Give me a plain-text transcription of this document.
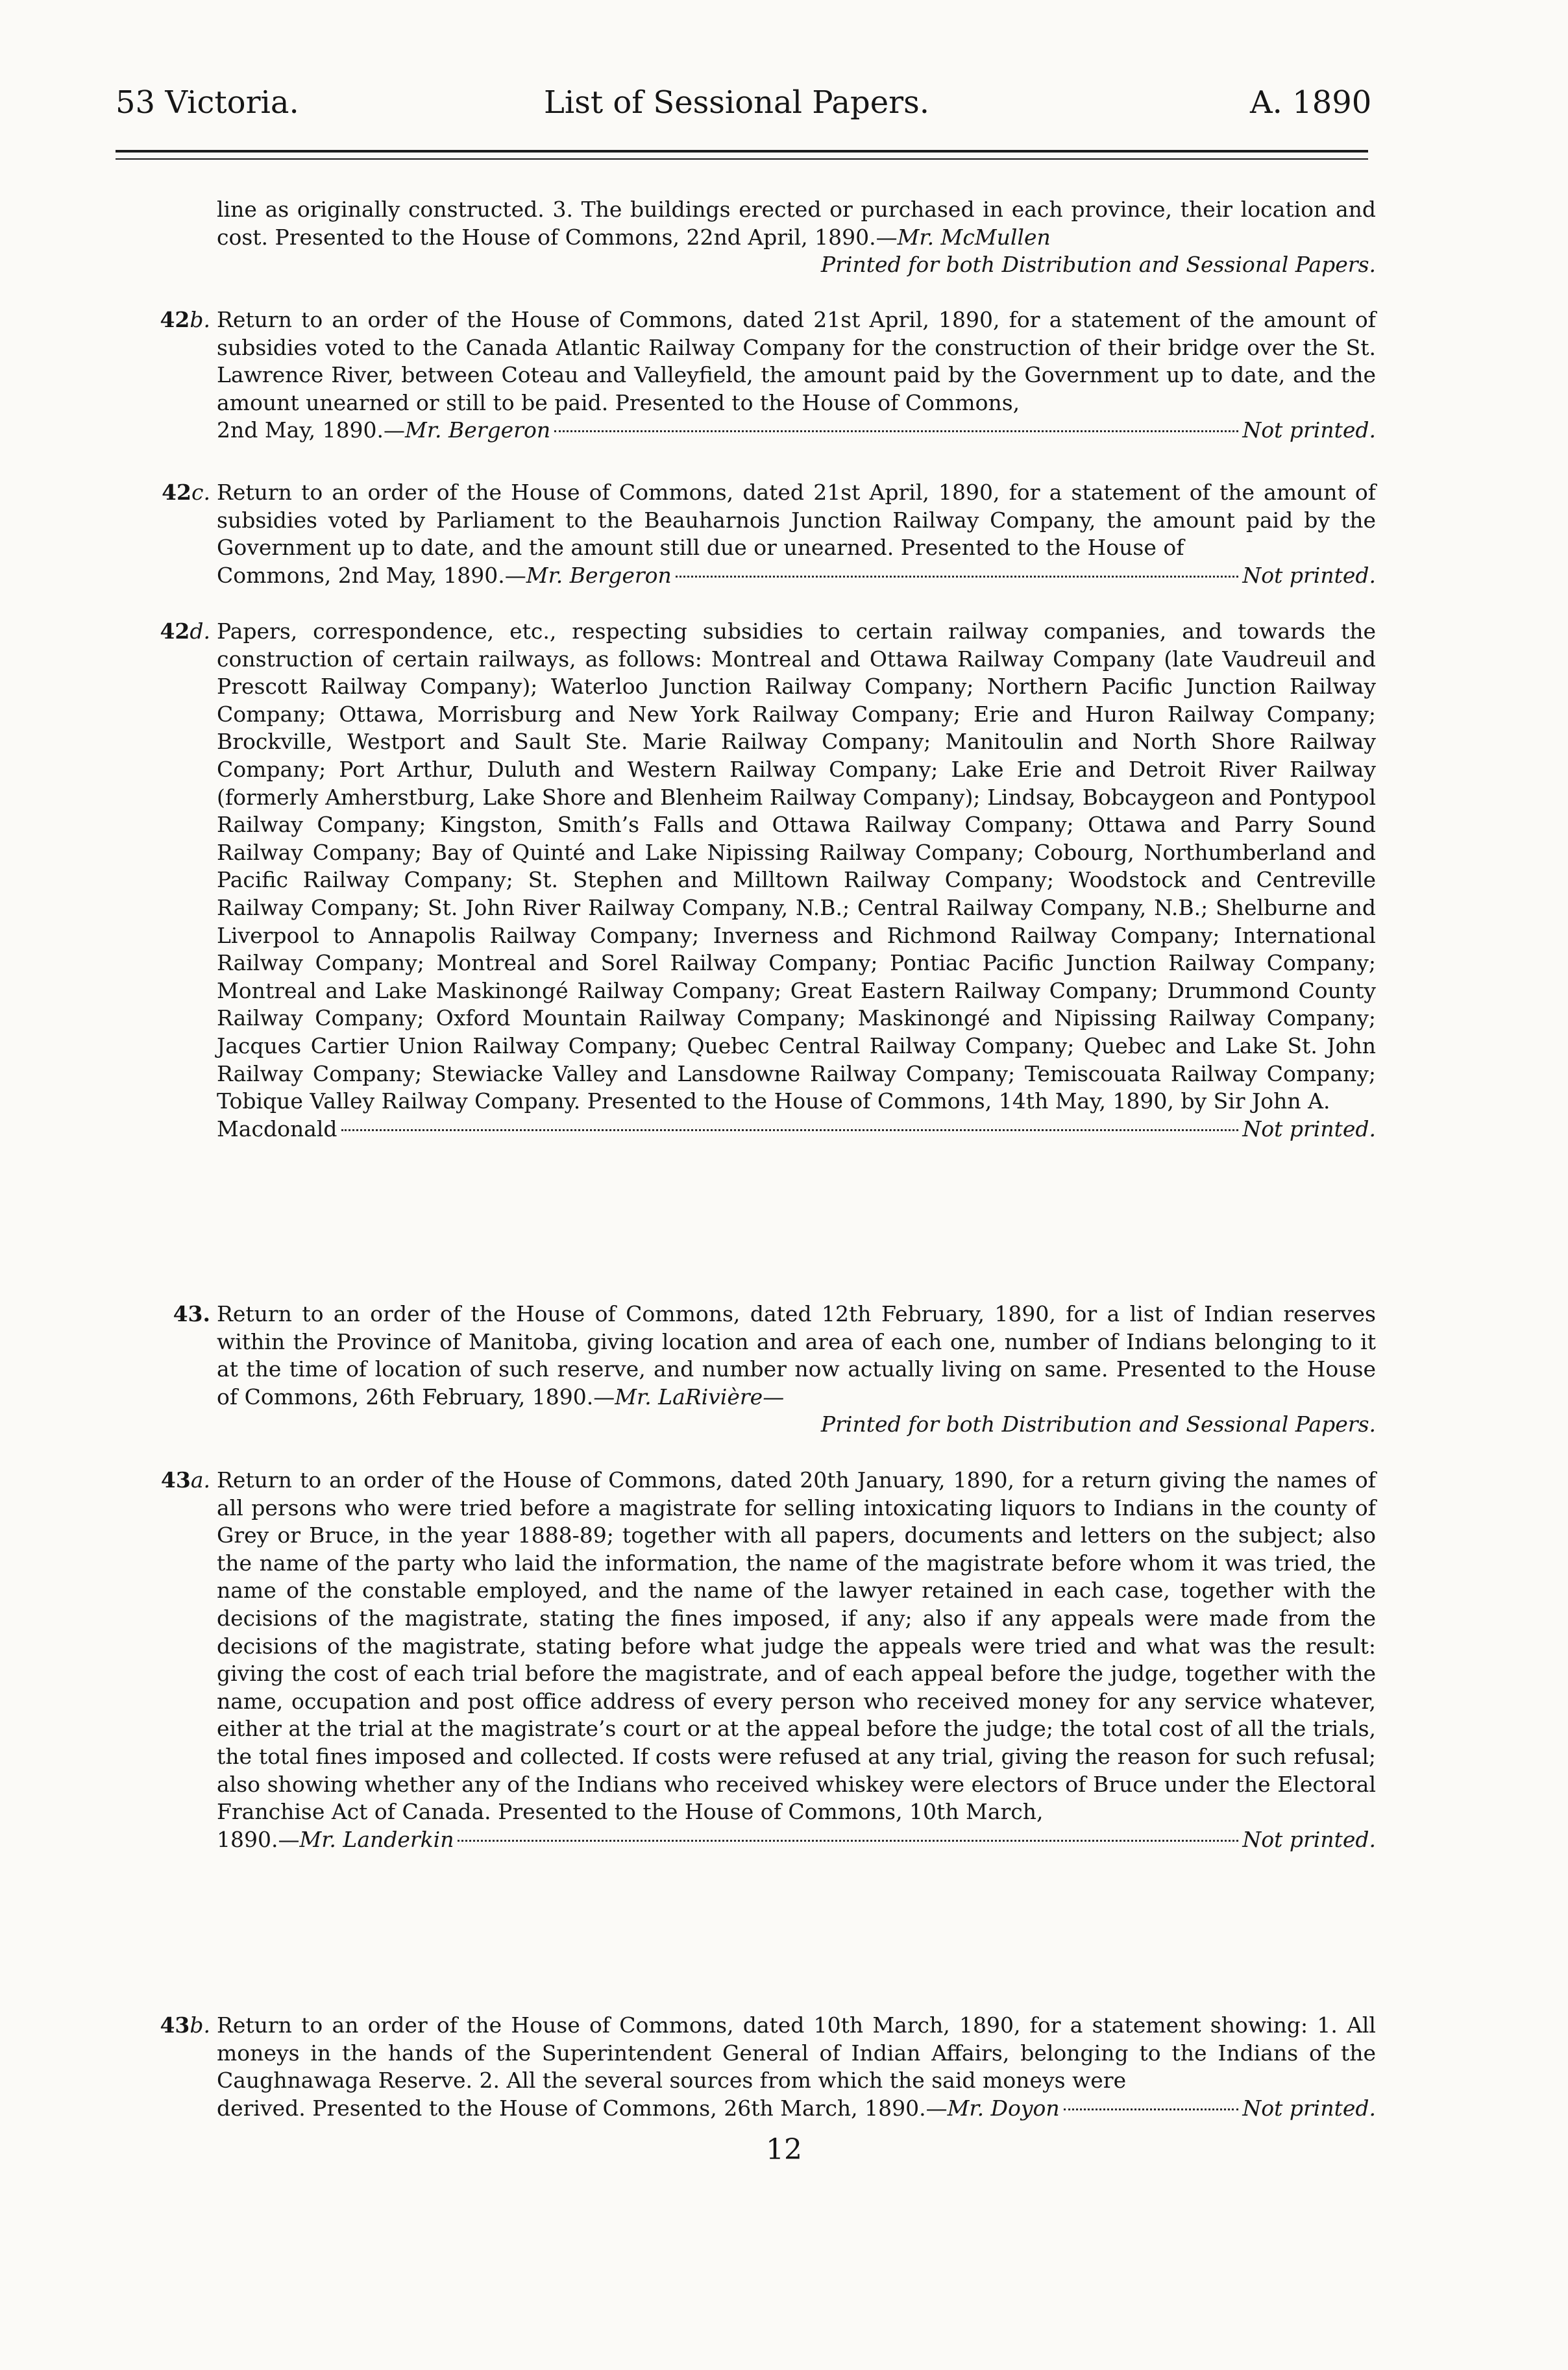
53 Victoria.	List of Sessional Papers.	A. 1890
line as originally constructed. 3. The buildings erected or purchased in each province, their location and cost. Presented to the House of Commons, 22nd April, 1890.—Mr. McMullen
Printed for both Distribution and Sessional Papers.
42b. Return to an order of the House of Commons, dated 21st April, 1890, for a statement of the amount of subsidies voted to the Canada Atlantic Railway Company for the construction of their bridge over the St. Lawrence River, between Coteau and Valleyfield, the amount paid by the Government up to date, and the amount unearned or still to be paid. Presented to the House of Commons,
2nd May, 1890.— Mr. Bergeron	Not printed.
42c. Return to an order of the House of Commons, dated 21st April, 1890, for a statement of the amount of subsidies voted by Parliament to the Beauharnois Junction Railway Company, the amount paid by the Government up to date, and the amount still due or unearned. Presented to the House of
Commons, 2nd May, 1890.— Mr. Bergeron	Not printed.
42d. Papers, correspondence, etc., respecting subsidies to certain railway companies, and towards the construction of certain railways, as follows: Montreal and Ottawa Railway Company (late Vaudreuil and Prescott Railway Company); Waterloo Junction Railway Company; Northern Pacific Junction Railway Company; Ottawa, Morrisburg and New York Railway Company; Erie and Huron Railway Company; Brockville, Westport and Sault Ste. Marie Railway Company; Manitoulin and North Shore Railway Company; Port Arthur, Duluth and Western Railway Company; Lake Erie and Detroit River Railway (formerly Amherstburg, Lake Shore and Blenheim Railway Company); Lindsay, Bobcaygeon and Pontypool Railway Company; Kingston, Smith’s Falls and Ottawa Railway Company; Ottawa and Parry Sound Railway Company; Bay of Quinté and Lake Nipissing Railway Company; Cobourg, Northumberland and Pacific Railway Company; St. Stephen and Milltown Railway Company; Woodstock and Centreville Railway Company; St. John River Railway Company, N.B.; Central Railway Company, N.B.; Shelburne and Liverpool to Annapolis Railway Company; Inverness and Richmond Railway Company; International Railway Company; Montreal and Sorel Railway Company; Pontiac Pacific Junction Railway Company; Montreal and Lake Maskinongé Railway Company; Great Eastern Railway Company; Drummond County Railway Company; Oxford Mountain Railway Company; Maskinongé and Nipissing Railway Company; Jacques Cartier Union Railway Company; Quebec Central Railway Company; Quebec and Lake St. John Railway Company; Stewiacke Valley and Lansdowne Railway Company; Temiscouata Railway Company; Tobique Valley Railway Company. Presented to the House of Commons, 14th May, 1890, by Sir John A.
Macdonald	Not printed.
43. Return to an order of the House of Commons, dated 12th February, 1890, for a list of Indian reserves within the Province of Manitoba, giving location and area of each one, number of Indians belonging to it at the time of location of such reserve, and number now actually living on same. Presented to the House of Commons, 26th February, 1890.—Mr. LaRivière—
Printed for both Distribution and Sessional Papers.
43a. Return to an order of the House of Commons, dated 20th January, 1890, for a return giving the names of all persons who were tried before a magistrate for selling intoxicating liquors to Indians in the county of Grey or Bruce, in the year 1888-89; together with all papers, documents and letters on the subject; also the name of the party who laid the information, the name of the magistrate before whom it was tried, the name of the constable employed, and the name of the lawyer retained in each case, together with the decisions of the magistrate, stating the fines imposed, if any; also if any appeals were made from the decisions of the magistrate, stating before what judge the appeals were tried and what was the result: giving the cost of each trial before the magistrate, and of each appeal before the judge, together with the name, occupation and post office address of every person who received money for any service whatever, either at the trial at the magistrate’s court or at the appeal before the judge; the total cost of all the trials, the total fines imposed and collected. If costs were refused at any trial, giving the reason for such refusal; also showing whether any of the Indians who received whiskey were electors of Bruce under the Electoral Franchise Act of Canada. Presented to the House of Commons, 10th March,
1890.— Mr. Landerkin	Not printed.
43b. Return to an order of the House of Commons, dated 10th March, 1890, for a statement showing: 1. All moneys in the hands of the Superintendent General of Indian Affairs, belonging to the Indians of the Caughnawaga Reserve. 2. All the several sources from which the said moneys were
derived. Presented to the House of Commons, 26th March, 1890.— Mr. Doyon	Not printed.
12
